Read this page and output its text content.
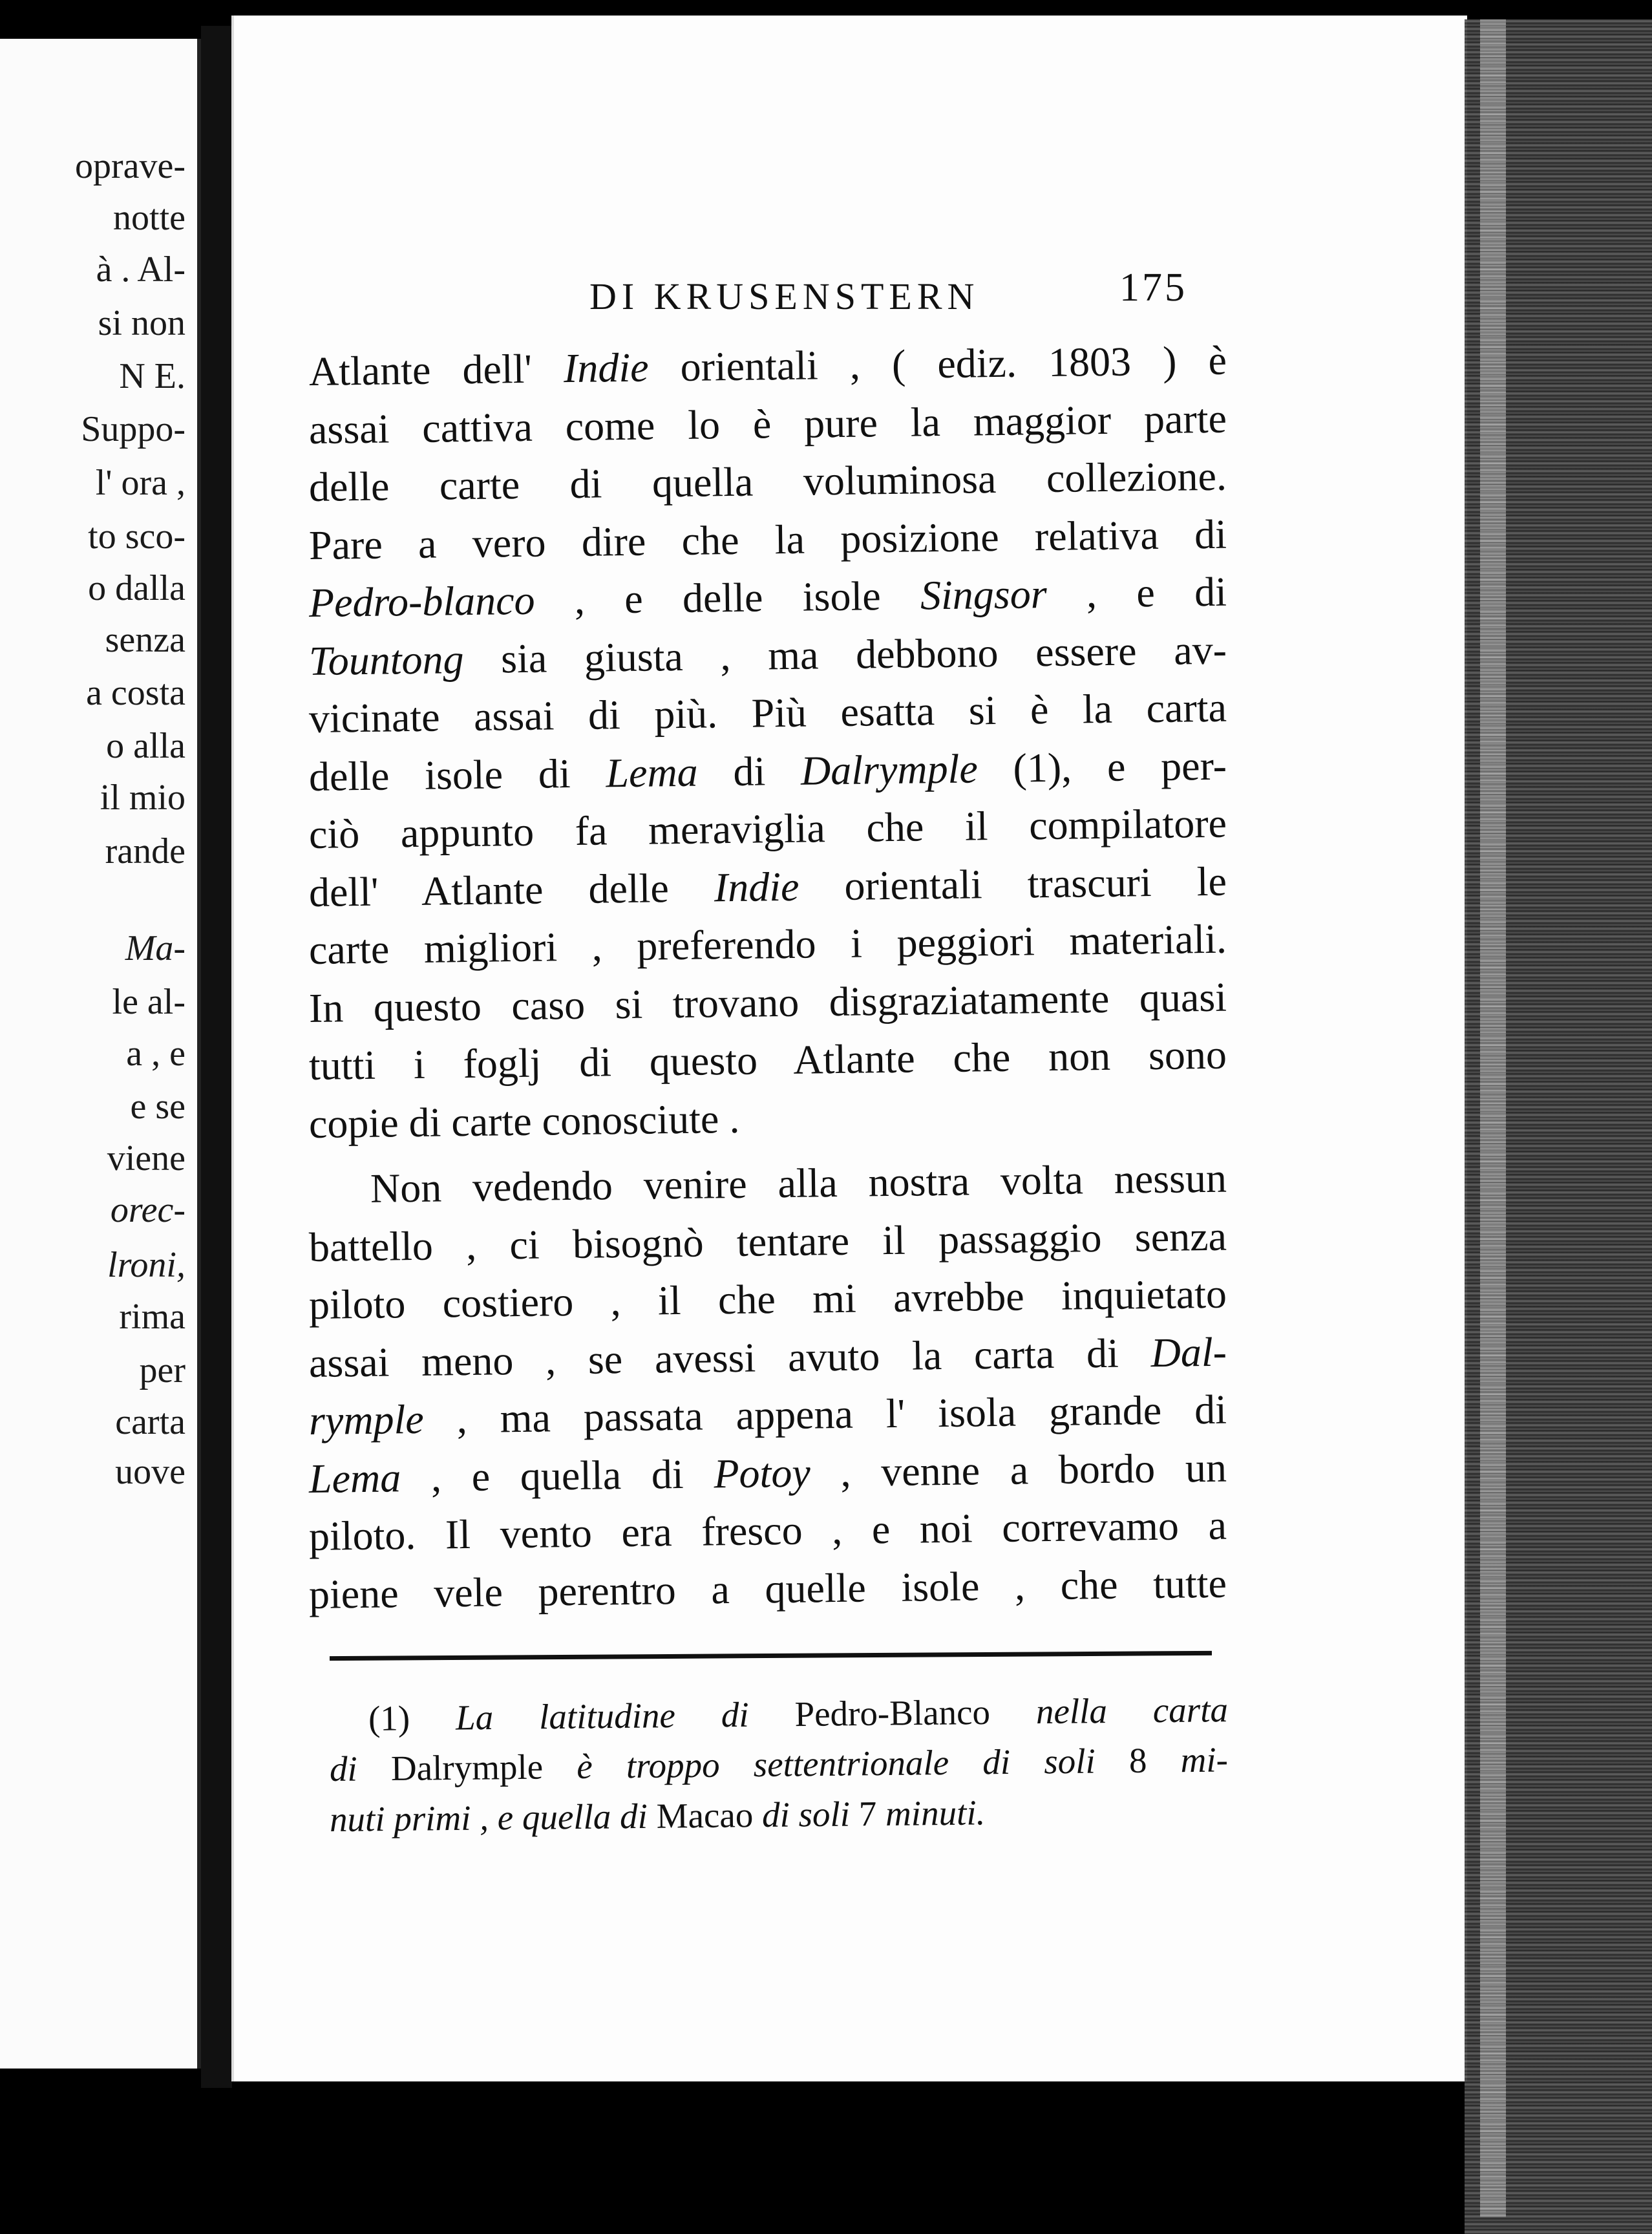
oprave-
notte
à . Al-
si non
N E.
Suppo-
l' ora ,
to sco-
o dalla
senza
a costa
o alla
il mio
rande
Ma-
le al-
a , e
e se
viene
orec-
lroni,
rima
per
carta
uove
DI KRUSENSTERN	175
Atlante dell' Indie orientali , ( ediz. 1803 ) è
assai cattiva come lo è pure la maggior parte
delle carte di quella voluminosa collezione.
Pare a vero dire che la posizione relativa di
Pedro-blanco , e delle isole Singsor , e di
Tountong sia giusta , ma debbono essere av-
vicinate assai di più. Più esatta si è la carta
delle isole di Lema di Dalrymple (1), e per-
ciò appunto fa meraviglia che il compilatore
dell' Atlante delle Indie orientali trascuri le
carte migliori , preferendo i peggiori materiali.
In questo caso si trovano disgraziatamente quasi
tutti i foglj di questo Atlante che non sono
copie di carte conosciute .
Non vedendo venire alla nostra volta nessun
battello , ci bisognò tentare il passaggio senza
piloto costiero , il che mi avrebbe inquietato
assai meno , se avessi avuto la carta di Dal-
rymple , ma passata appena l' isola grande di
Lema , e quella di Potoy , venne a bordo un
piloto. Il vento era fresco , e noi correvamo a
piene vele perentro a quelle isole , che tutte
(1) La latitudine di Pedro-Blanco nella carta
di Dalrymple è troppo settentrionale di soli 8 mi-
nuti primi , e quella di Macao di soli 7 minuti.
